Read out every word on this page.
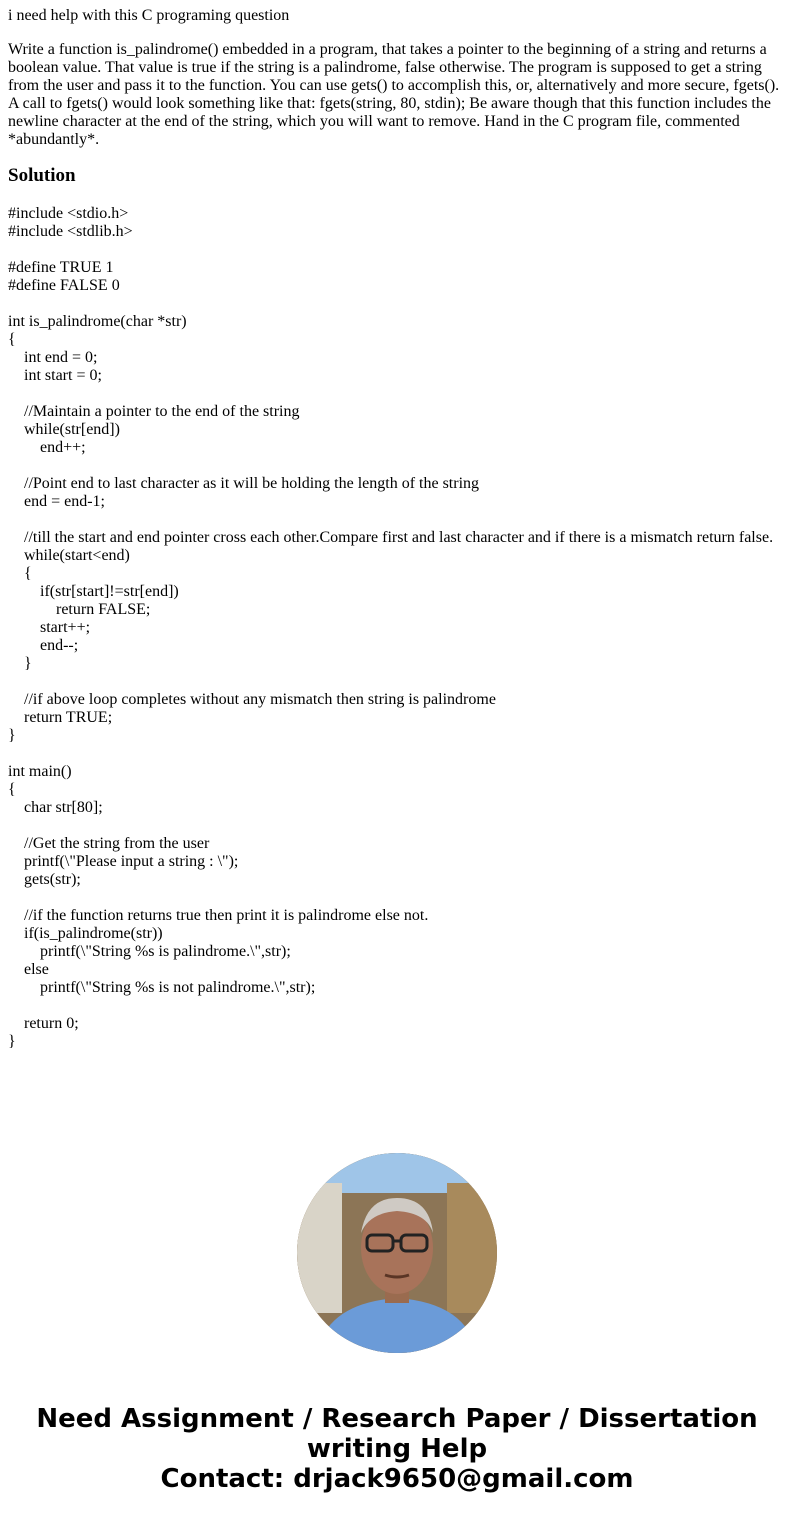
i need help with this C programing question

Write a function is_palindrome() embedded in a program, that takes a pointer to the beginning of a string and returns a boolean value. That value is true if the string is a palindrome, false otherwise. The program is supposed to get a string from the user and pass it to the function. You can use gets() to accomplish this, or, alternatively and more secure, fgets(). A call to fgets() would look something like that: fgets(string, 80, stdin); Be aware though that this function includes the newline character at the end of the string, which you will want to remove. Hand in the C program file, commented *abundantly*.

Solution
#include <stdio.h>
#include <stdlib.h>
#define TRUE 1
#define FALSE 0
int is_palindrome(char *str)
{
int end = 0;
int start = 0;
//Maintain a pointer to the end of the string
while(str[end])
end++;
//Point end to last character as it will be holding the length of the string
end = end-1;
//till the start and end pointer cross each other.Compare first and last character and if there is a mismatch return false.
while(start<end)
{
if(str[start]!=str[end])
return FALSE;
start++;
end--;
}
//if above loop completes without any mismatch then string is palindrome
return TRUE;
}
int main()
{
char str[80];
//Get the string from the user
printf(\"Please input a string : \");
gets(str);
//if the function returns true then print it is palindrome else not.
if(is_palindrome(str))
printf(\"String %s is palindrome.\",str);
else
printf(\"String %s is not palindrome.\",str);
return 0;
}
Need Assignment / Research Paper / Dissertation
writing Help
Contact: drjack9650@gmail.com
